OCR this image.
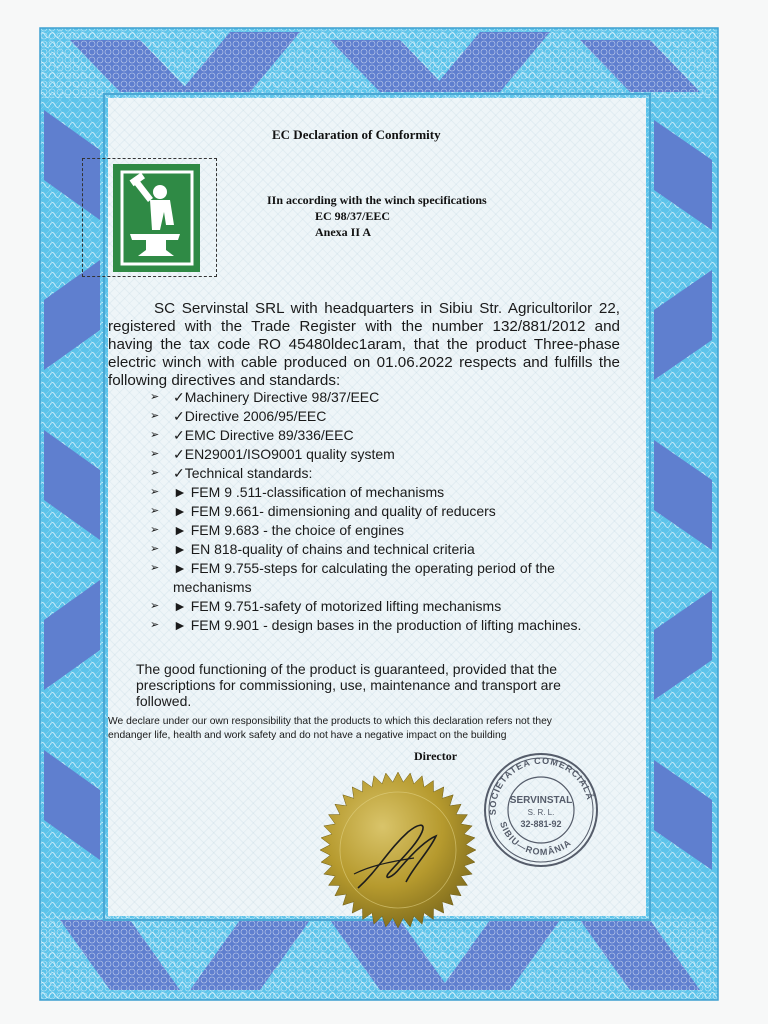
EC Declaration of Conformity
IIn according with the winch specifications
EC 98/37/EEC
Anexa II A
SC Servinstal SRL with headquarters in Sibiu Str. Agricultorilor 22, registered with the Trade Register with the number 132/881/2012 and having the tax code RO 45480ldec1aram, that the product Three-phase electric winch with cable produced on 01.06.2022 respects and fulfills the following directives and standards:
➢ ✓Machinery Directive 98/37/EEC
➢ ✓Directive 2006/95/EEC
➢ ✓EMC Directive 89/336/EEC
➢ ✓EN29001/ISO9001 quality system
➢ ✓Technical standards:
➢ ► FEM 9 .511-classification of mechanisms
➢ ► FEM 9.661- dimensioning and quality of reducers
➢ ► FEM 9.683 - the choice of engines
➢ ► EN 818-quality of chains and technical criteria
➢ ► FEM 9.755-steps for calculating the operating period of the mechanisms
➢ ► FEM 9.751-safety of motorized lifting mechanisms
➢ ► FEM 9.901 - design bases in the production of lifting machines.
The good functioning of the product is guaranteed, provided that the prescriptions for commissioning, use, maintenance and transport are followed.
We declare under our own responsibility that the products to which this declaration refers not they endanger life, health and work safety and do not have a negative impact on the building
Director
SOCIETATEA COMERCIALĂ
SIBIU—ROMÂNIA
SERVINSTAL
S. R. L.
32-881-92
